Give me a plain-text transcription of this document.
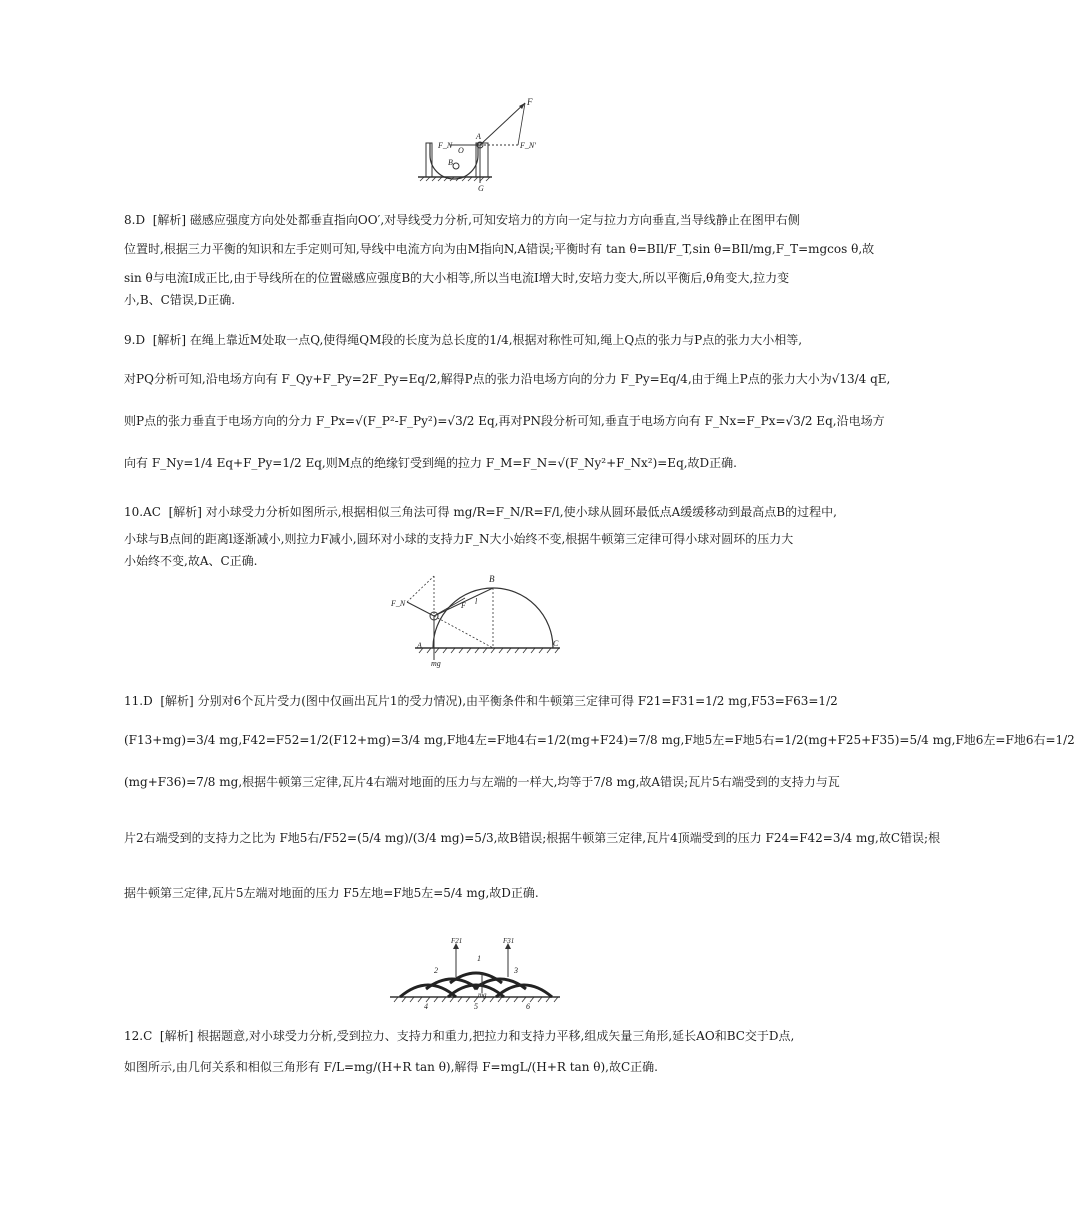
F
A
O
F_N
B
F_N'
G
8.D [解析] 磁感应强度方向处处都垂直指向OO′,对导线受力分析,可知安培力的方向一定与拉力方向垂直,当导线静止在图甲右侧
位置时,根据三力平衡的知识和左手定则可知,导线中电流方向为由M指向N,A错误;平衡时有 tan θ=BIl/F_T,sin θ=BIl/mg,F_T=mgcos θ,故
sin θ与电流I成正比,由于导线所在的位置磁感应强度B的大小相等,所以当电流I增大时,安培力变大,所以平衡后,θ角变大,拉力变
小,B、C错误,D正确.
9.D [解析] 在绳上靠近M处取一点Q,使得绳QM段的长度为总长度的1/4,根据对称性可知,绳上Q点的张力与P点的张力大小相等,
对PQ分析可知,沿电场方向有 F_Qy+F_Py=2F_Py=Eq/2,解得P点的张力沿电场方向的分力 F_Py=Eq/4,由于绳上P点的张力大小为√13/4 qE,
则P点的张力垂直于电场方向的分力 F_Px=√(F_P²-F_Py²)=√3/2 Eq,再对PN段分析可知,垂直于电场方向有 F_Nx=F_Px=√3/2 Eq,沿电场方
向有 F_Ny=1/4 Eq+F_Py=1/2 Eq,则M点的绝缘钉受到绳的拉力 F_M=F_N=√(F_Ny²+F_Nx²)=Eq,故D正确.
10.AC [解析] 对小球受力分析如图所示,根据相似三角法可得 mg/R=F_N/R=F/l,使小球从圆环最低点A缓缓移动到最高点B的过程中,
小球与B点间的距离l逐渐减小,则拉力F减小,圆环对小球的支持力F_N大小始终不变,根据牛顿第三定律可得小球对圆环的压力大
小始终不变,故A、C正确.
B
F_N	F l
A	C
mg
11.D [解析] 分别对6个瓦片受力(图中仅画出瓦片1的受力情况),由平衡条件和牛顿第三定律可得 F21=F31=1/2 mg,F53=F63=1/2
(F13+mg)=3/4 mg,F42=F52=1/2(F12+mg)=3/4 mg,F地4左=F地4右=1/2(mg+F24)=7/8 mg,F地5左=F地5右=1/2(mg+F25+F35)=5/4 mg,F地6左=F地6右=1/2
(mg+F36)=7/8 mg,根据牛顿第三定律,瓦片4右端对地面的压力与左端的一样大,均等于7/8 mg,故A错误;瓦片5右端受到的支持力与瓦
片2右端受到的支持力之比为 F地5右/F52=(5/4 mg)/(3/4 mg)=5/3,故B错误;根据牛顿第三定律,瓦片4顶端受到的压力 F24=F42=3/4 mg,故C错误;根
据牛顿第三定律,瓦片5左端对地面的压力 F5左地=F地5左=5/4 mg,故D正确.
F21	F31
1
2	3
mg
4	5	6
12.C [解析] 根据题意,对小球受力分析,受到拉力、支持力和重力,把拉力和支持力平移,组成矢量三角形,延长AO和BC交于D点,
如图所示,由几何关系和相似三角形有 F/L=mg/(H+R tan θ),解得 F=mgL/(H+R tan θ),故C正确.
